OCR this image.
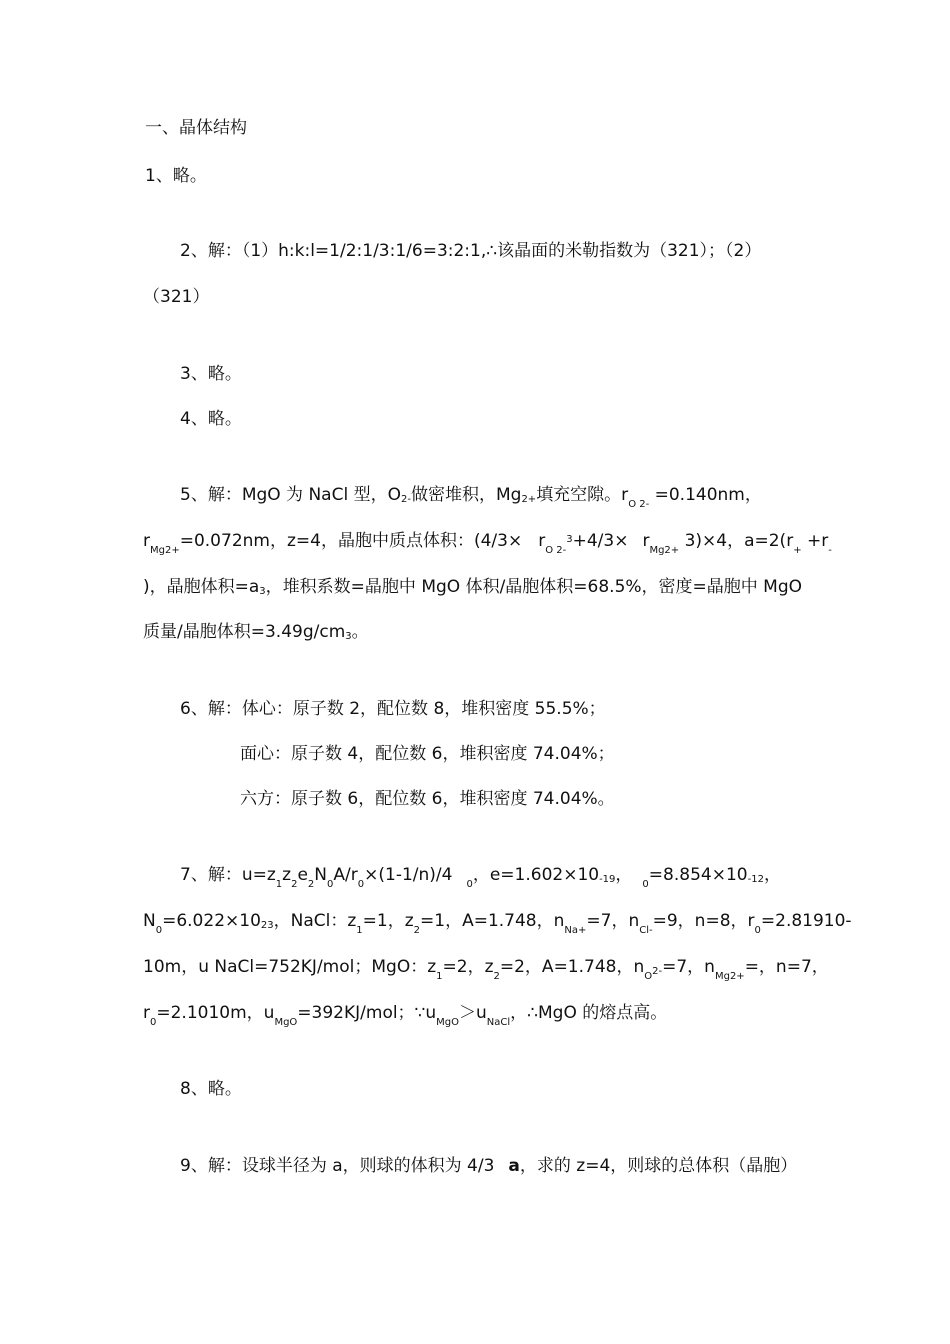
一、晶体结构
1、略。
2、解：（1）h:k:l=1/2:1/3:1/6=3:2:1,∴该晶面的米勒指数为（321）；（2）
（321）
3、略。
4、略。
5、解：MgO 为 NaCl 型，O2-做密堆积，Mg2+填充空隙。$r_{O 2-} =0.140nm$，
$r_{Mg2+}=0.072nm$，z=4，晶胞中质点体积：($4/3\times r_{O 2-}^3+4/3\times r_{Mg2+}$ 3)×4，$a=2(r_+ +r_-$
)，晶胞体积=a3，堆积系数=晶胞中 MgO 体积/晶胞体积=68.5%，密度=晶胞中 MgO
质量/晶胞体积=3.49g/cm3。
6、解：体心：原子数 2，配位数 8，堆积密度 55.5%；
面心：原子数 4，配位数 6，堆积密度 74.04%；
六方：原子数 6，配位数 6，堆积密度 74.04%。
7、解：$u=z_1z_2e_2N_0A/r_0\times(1-1/n)/4$ $_0$，e=1.602×10-19， $_0$=8.854×10-12，
$N_0=6.022\times 1023$，NaCl：$z_1=1$，$z_2=1$，A=1.748，$n_{Na+}=7$，$n_{Cl-}=9$，n=8，$r_0=2.81910-$
10m，u NaCl=752KJ/mol；MgO：$z_1=2$，$z_2=2$，A=1.748，$n_O2-=7$，$n_{Mg2+}=$，n=7，
$r_0=2.1010m$，$u_{MgO}=392KJ$/mol；$\because u_{MgO}>u_{NaCl}$，∴MgO 的熔点高。
8、略。
9、解：设球半径为 a，则球的体积为 4/3 a，求的 z=4，则球的总体积（晶胞）
